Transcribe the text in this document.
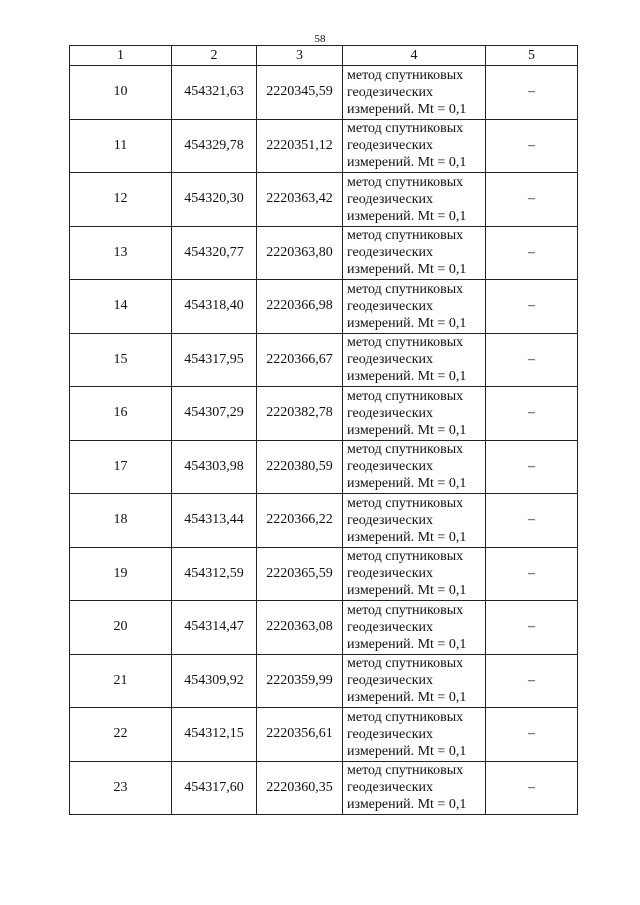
58
1	2	3	4	5
10	454321,63	2220345,59	метод спутниковых
геодезических
измерений. Mt = 0,1	–
11	454329,78	2220351,12	метод спутниковых
геодезических
измерений. Mt = 0,1	–
12	454320,30	2220363,42	метод спутниковых
геодезических
измерений. Mt = 0,1	–
13	454320,77	2220363,80	метод спутниковых
геодезических
измерений. Mt = 0,1	–
14	454318,40	2220366,98	метод спутниковых
геодезических
измерений. Mt = 0,1	–
15	454317,95	2220366,67	метод спутниковых
геодезических
измерений. Mt = 0,1	–
16	454307,29	2220382,78	метод спутниковых
геодезических
измерений. Mt = 0,1	–
17	454303,98	2220380,59	метод спутниковых
геодезических
измерений. Mt = 0,1	–
18	454313,44	2220366,22	метод спутниковых
геодезических
измерений. Mt = 0,1	–
19	454312,59	2220365,59	метод спутниковых
геодезических
измерений. Mt = 0,1	–
20	454314,47	2220363,08	метод спутниковых
геодезических
измерений. Mt = 0,1	–
21	454309,92	2220359,99	метод спутниковых
геодезических
измерений. Mt = 0,1	–
22	454312,15	2220356,61	метод спутниковых
геодезических
измерений. Mt = 0,1	–
23	454317,60	2220360,35	метод спутниковых
геодезических
измерений. Mt = 0,1	–
